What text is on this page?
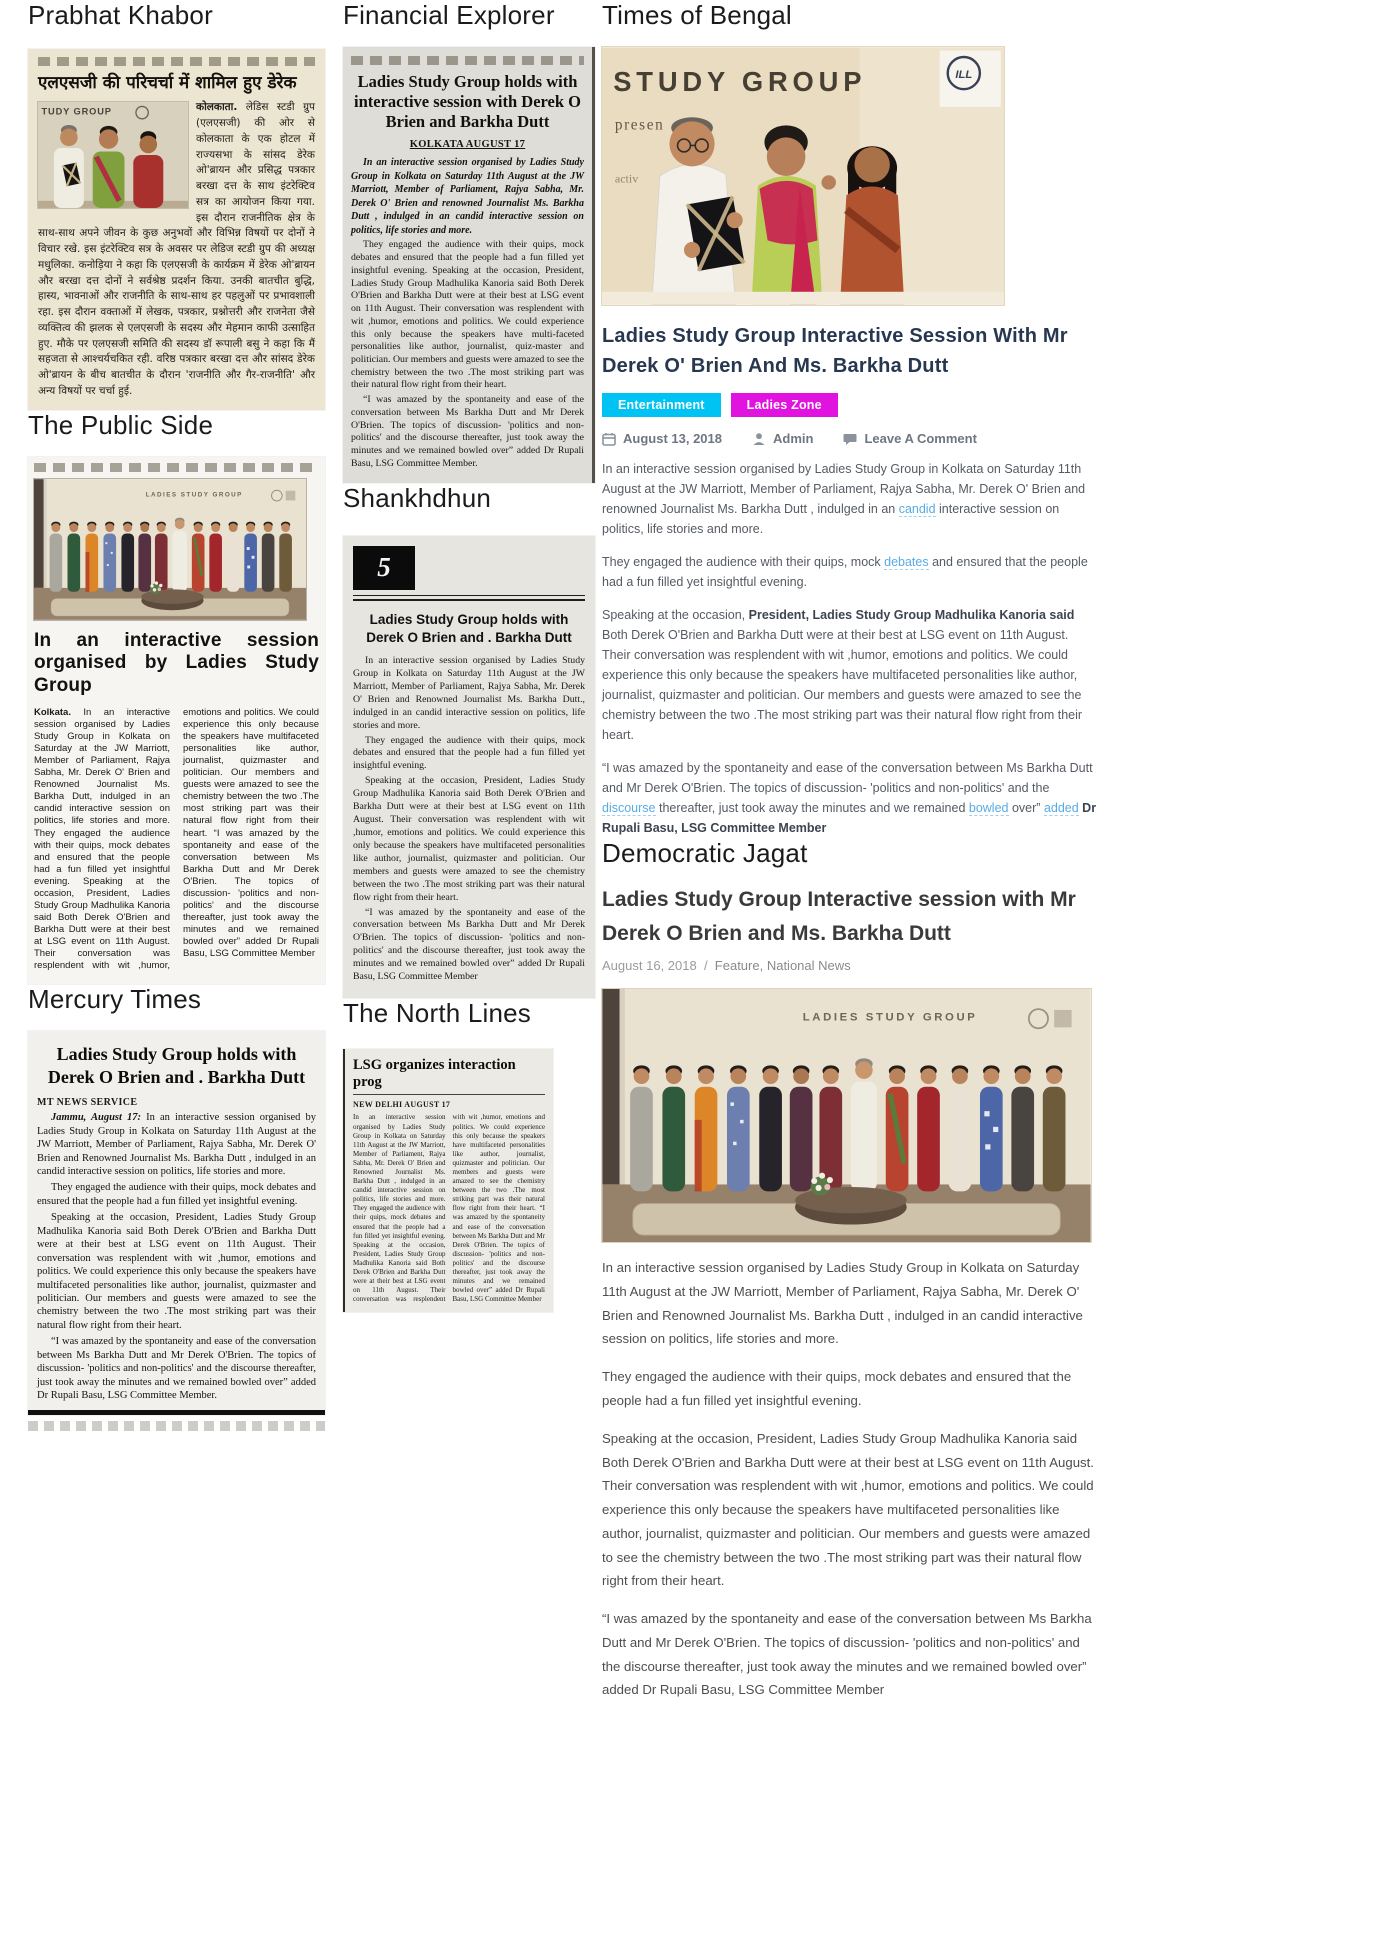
Prabhat Khabor
एलएसजी की परिचर्चा में शामिल हुए डेरेक
TUDY GROUP	कोलकाता. लेडिस स्टडी ग्रुप (एलएसजी) की ओर से कोलकाता के एक होटल में राज्यसभा के सांसद डेरेक ओ'ब्रायन और प्रसिद्ध पत्रकार बरखा दत्त के साथ इंटरेक्टिव सत्र का आयोजन किया गया. इस दौरान राजनीतिक क्षेत्र के साथ-साथ अपने जीवन के कुछ अनुभवों और विभिन्न विषयों पर दोनों ने विचार रखे. इस इंटरेक्टिव सत्र के अवसर पर लेडिज स्टडी ग्रुप की अध्यक्ष मधुलिका. कनोड़िया ने कहा कि एलएसजी के कार्यक्रम में डेरेक ओ'ब्रायन और बरखा दत्त दोनों ने सर्वश्रेष्ठ प्रदर्शन किया. उनकी बातचीत बुद्धि, हास्य, भावनाओं और राजनीति के साथ-साथ हर पहलुओं पर प्रभावशाली रहा. इस दौरान वक्ताओं में लेखक, पत्रकार, प्रश्नोत्तरी और राजनेता जैसे व्यक्तित्व की झलक से एलएसजी के सदस्य और मेहमान काफी उत्साहित हुए. मौके पर एलएसजी समिति की सदस्य डॉ रूपाली बसु ने कहा कि मैं सहजता से आश्चर्यचकित रही. वरिष्ठ पत्रकार बरखा दत्त और सांसद डेरेक ओ'ब्रायन के बीच बातचीत के दौरान 'राजनीति और गैर-राजनीति' और अन्य विषयों पर चर्चा हुई.
The Public Side
In an interactive session organised by Ladies Study Group
Kolkata. In an interactive session organised by Ladies Study Group in Kolkata on Saturday at the JW Marriott, Member of Parliament, Rajya Sabha, Mr. Derek O' Brien and Renowned Journalist Ms. Barkha Dutt, indulged in an candid interactive session on politics, life stories and more. They engaged the audience with their quips, mock debates and ensured that the people had a fun filled yet insightful evening. Speaking at the occasion, President, Ladies Study Group Madhulika Kanoria said Both Derek O'Brien and Barkha Dutt were at their best at LSG event on 11th August. Their conversation was resplendent with wit ,humor, emotions and politics. We could experience this only because the speakers have multifaceted personalities like author, journalist, quizmaster and politician. Our members and guests were amazed to see the chemistry between the two .The most striking part was their natural flow right from their heart. “I was amazed by the spontaneity and ease of the conversation between Ms Barkha Dutt and Mr Derek O'Brien. The topics of discussion- 'politics and non-politics' and the discourse thereafter, just took away the minutes and we remained bowled over” added Dr Rupali Basu, LSG Committee Member
Mercury Times
Ladies Study Group holds with Derek O Brien and . Barkha Dutt
MT NEWS SERVICE

Jammu, August 17: In an interactive session organised by Ladies Study Group in Kolkata on Saturday 11th August at the JW Marriott, Member of Parliament, Rajya Sabha, Mr. Derek O' Brien and Renowned Journalist Ms. Barkha Dutt , indulged in an candid interactive session on politics, life stories and more.

They engaged the audience with their quips, mock debates and ensured that the people had a fun filled yet insightful evening.

Speaking at the occasion, President, Ladies Study Group Madhulika Kanoria said Both Derek O'Brien and Barkha Dutt were at their best at LSG event on 11th August. Their conversation was resplendent with wit ,humor, emotions and politics. We could experience this only because the speakers have multifaceted personalities like author, journalist, quizmaster and politician. Our members and guests were amazed to see the chemistry between the two .The most striking part was their natural flow right from their heart.

“I was amazed by the spontaneity and ease of the conversation between Ms Barkha Dutt and Mr Derek O'Brien. The topics of discussion- 'politics and non-politics' and the discourse thereafter, just took away the minutes and we remained bowled over” added Dr Rupali Basu, LSG Committee Member.

Financial Explorer
Ladies Study Group holds with interactive session with Derek O Brien and Barkha Dutt
KOLKATA AUGUST 17

In an interactive session organised by Ladies Study Group in Kolkata on Saturday 11th August at the JW Marriott, Member of Parliament, Rajya Sabha, Mr. Derek O' Brien and renowned Journalist Ms. Barkha Dutt , indulged in an candid interactive session on politics, life stories and more.

They engaged the audience with their quips, mock debates and ensured that the people had a fun filled yet insightful evening. Speaking at the occasion, President, Ladies Study Group Madhulika Kanoria said Both Derek O'Brien and Barkha Dutt were at their best at LSG event on 11th August. Their conversation was resplendent with wit ,humor, emotions and politics. We could experience this only because the speakers have multi-faceted personalities like author, journalist, quiz-master and politician. Our members and guests were amazed to see the chemistry between the two .The most striking part was their natural flow right from their heart.

“I was amazed by the spontaneity and ease of the conversation between Ms Barkha Dutt and Mr Derek O'Brien. The topics of discussion- 'politics and non-politics' and the discourse thereafter, just took away the minutes and we remained bowled over” added Dr Rupali Basu, LSG Committee Member.

Shankhdhun
5
Ladies Study Group holds with Derek O Brien and . Barkha Dutt

In an interactive session organised by Ladies Study Group in Kolkata on Saturday 11th August at the JW Marriott, Member of Parliament, Rajya Sabha, Mr. Derek O' Brien and Renowned Journalist Ms. Barkha Dutt., indulged in an candid interactive session on politics, life stories and more.

They engaged the audience with their quips, mock debates and ensured that the people had a fun filled yet insightful evening.

Speaking at the occasion, President, Ladies Study Group Madhulika Kanoria said Both Derek O'Brien and Barkha Dutt were at their best at LSG event on 11th August. Their conversation was resplendent with wit ,humor, emotions and politics. We could experience this only because the speakers have multifaceted personalities like author, journalist, quizmaster and politician. Our members and guests were amazed to see the chemistry between the two .The most striking part was their natural flow right from their heart.

“I was amazed by the spontaneity and ease of the conversation between Ms Barkha Dutt and Mr Derek O'Brien. The topics of discussion- 'politics and non-politics' and the discourse thereafter, just took away the minutes and we remained bowled over” added Dr Rupali Basu, LSG Committee Member

The North Lines
LSG organizes interaction prog
NEW DELHI AUGUST 17
In an interactive session organised by Ladies Study Group in Kolkata on Saturday 11th August at the JW Marriott, Member of Parliament, Rajya Sabha, Mr. Derek O' Brien and Renowned Journalist Ms. Barkha Dutt , indulged in an candid interactive session on politics, life stories and more. They engaged the audience with their quips, mock debates and ensured that the people had a fun filled yet insightful evening. Speaking at the occasion, President, Ladies Study Group Madhulika Kanoria said Both Derek O'Brien and Barkha Dutt were at their best at LSG event on 11th August. Their conversation was resplendent with wit ,humor, emotions and politics. We could experience this only because the speakers have multifaceted personalities like author, journalist, quizmaster and politician. Our members and guests were amazed to see the chemistry between the two .The most striking part was their natural flow right from their heart. “I was amazed by the spontaneity and ease of the conversation between Ms Barkha Dutt and Mr Derek O'Brien. The topics of discussion- 'politics and non-politics' and the discourse thereafter, just took away the minutes and we remained bowled over” added Dr Rupali Basu, LSG Committee Member
Times of Bengal
STUDY GROUP
presen
activ
ILL
Ladies Study Group Interactive Session With Mr Derek O' Brien And Ms. Barkha Dutt
Entertainment	Ladies Zone
August 13, 2018	Admin	Leave A Comment

In an interactive session organised by Ladies Study Group in Kolkata on Saturday 11th August at the JW Marriott, Member of Parliament, Rajya Sabha, Mr. Derek O' Brien and renowned Journalist Ms. Barkha Dutt , indulged in an candid interactive session on politics, life stories and more.

They engaged the audience with their quips, mock debates and ensured that the people had a fun filled yet insightful evening.

Speaking at the occasion, President, Ladies Study Group Madhulika Kanoria said Both Derek O'Brien and Barkha Dutt were at their best at LSG event on 11th August. Their conversation was resplendent with wit ,humor, emotions and politics. We could experience this only because the speakers have multifaceted personalities like author, journalist, quizmaster and politician. Our members and guests were amazed to see the chemistry between the two .The most striking part was their natural flow right from their heart.

“I was amazed by the spontaneity and ease of the conversation between Ms Barkha Dutt and Mr Derek O'Brien. The topics of discussion- 'politics and non-politics' and the discourse thereafter, just took away the minutes and we remained bowled over” added Dr Rupali Basu, LSG Committee Member

Democratic Jagat
Ladies Study Group Interactive session with Mr Derek O Brien and Ms. Barkha Dutt
August 16, 2018 / Feature, National News

In an interactive session organised by Ladies Study Group in Kolkata on Saturday 11th August at the JW Marriott, Member of Parliament, Rajya Sabha, Mr. Derek O' Brien and Renowned Journalist Ms. Barkha Dutt , indulged in an candid interactive session on politics, life stories and more.

They engaged the audience with their quips, mock debates and ensured that the people had a fun filled yet insightful evening.

Speaking at the occasion, President, Ladies Study Group Madhulika Kanoria said Both Derek O'Brien and Barkha Dutt were at their best at LSG event on 11th August. Their conversation was resplendent with wit ,humor, emotions and politics. We could experience this only because the speakers have multifaceted personalities like author, journalist, quizmaster and politician. Our members and guests were amazed to see the chemistry between the two .The most striking part was their natural flow right from their heart.

“I was amazed by the spontaneity and ease of the conversation between Ms Barkha Dutt and Mr Derek O'Brien. The topics of discussion- 'politics and non-politics' and the discourse thereafter, just took away the minutes and we remained bowled over” added Dr Rupali Basu, LSG Committee Member
